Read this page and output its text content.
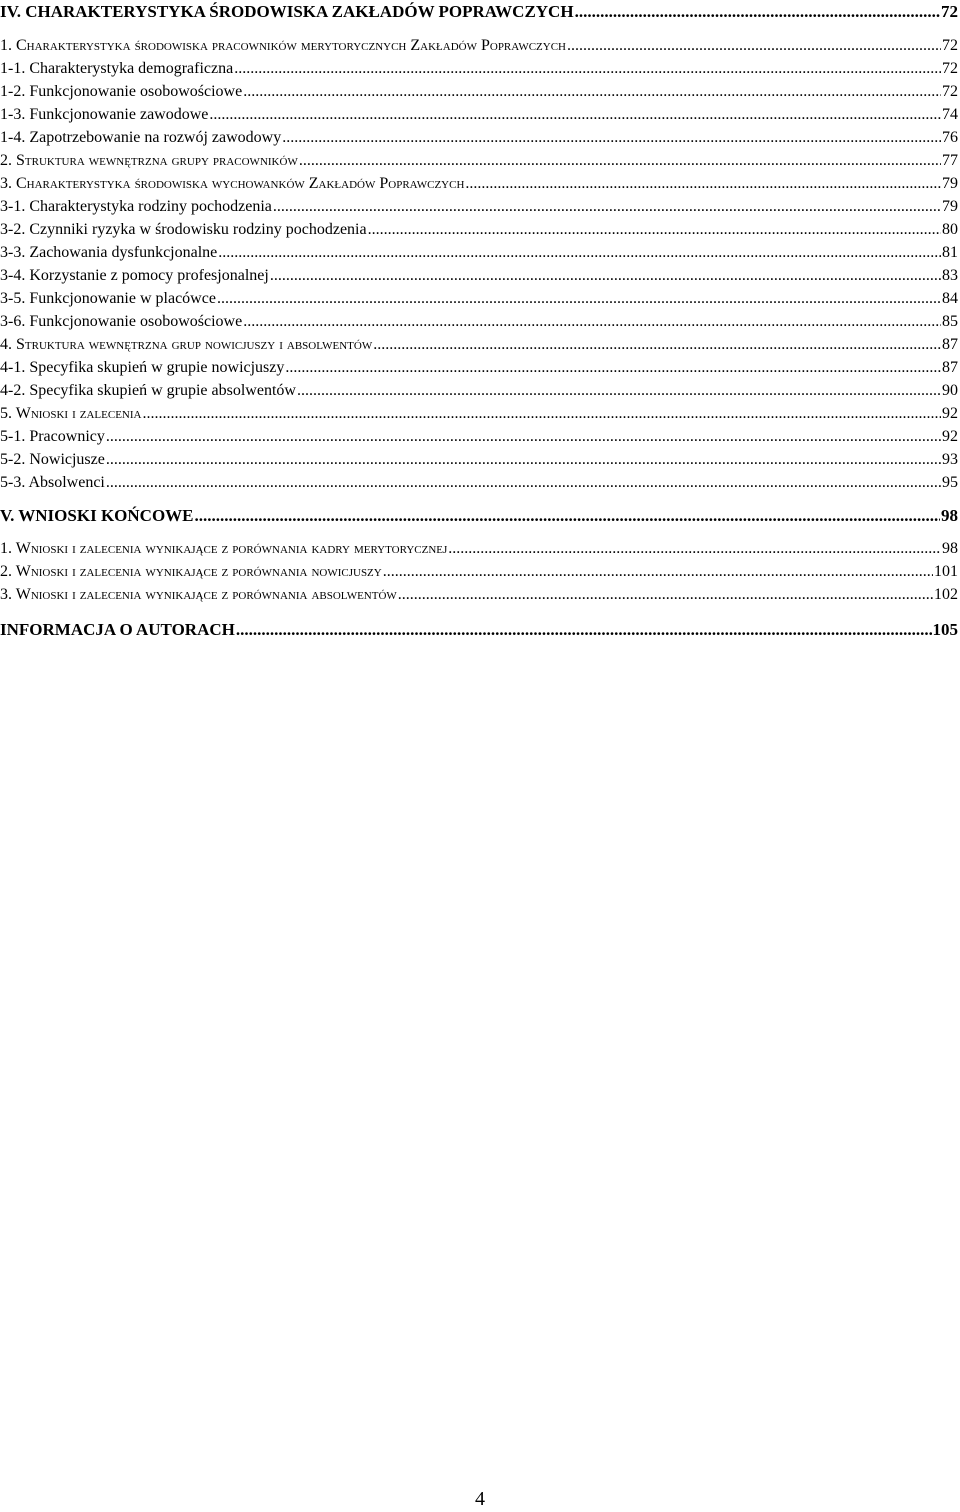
IV. CHARAKTERYSTYKA ŚRODOWISKA ZAKŁADÓW POPRAWCZYCH .....	72
1. Charakterystyka środowiska pracowników merytorycznych Zakładów Poprawczych .....	72
1-1. Charakterystyka demograficzna .....	72
1-2. Funkcjonowanie osobowościowe .....	72
1-3. Funkcjonowanie zawodowe .....	74
1-4. Zapotrzebowanie na rozwój zawodowy .....	76
2. Struktura wewnętrzna grupy pracowników .....	77
3. Charakterystyka środowiska wychowanków Zakładów Poprawczych .....	79
3-1. Charakterystyka rodziny pochodzenia .....	79
3-2. Czynniki ryzyka w środowisku rodziny pochodzenia .....	80
3-3. Zachowania dysfunkcjonalne .....	81
3-4. Korzystanie z pomocy profesjonalnej .....	83
3-5. Funkcjonowanie w placówce .....	84
3-6. Funkcjonowanie osobowościowe .....	85
4. Struktura wewnętrzna grup nowicjuszy i absolwentów .....	87
4-1. Specyfika skupień w grupie nowicjuszy .....	87
4-2. Specyfika skupień w grupie absolwentów .....	90
5. Wnioski i zalecenia .....	92
5-1. Pracownicy .....	92
5-2. Nowicjusze .....	93
5-3. Absolwenci .....	95
V. WNIOSKI KOŃCOWE .....	98
1. Wnioski i zalecenia wynikające z porównania kadry merytorycznej .....	98
2. Wnioski i zalecenia wynikające z porównania nowicjuszy .....	101
3. Wnioski i zalecenia wynikające z porównania absolwentów .....	102
INFORMACJA O AUTORACH .....	105
4
